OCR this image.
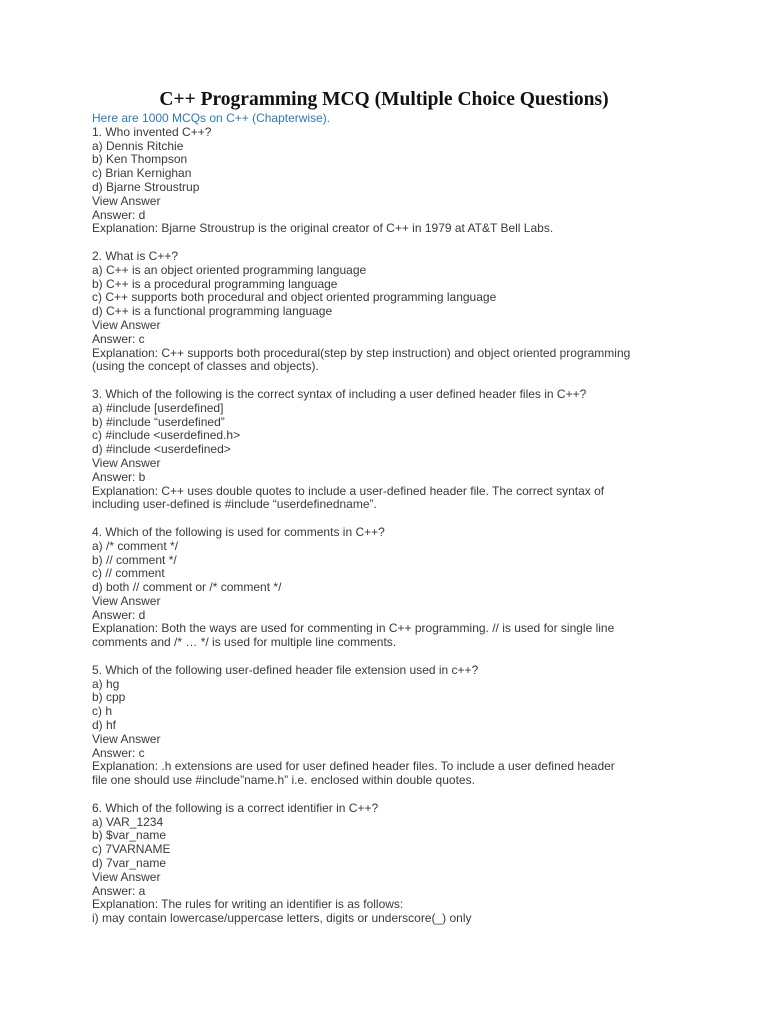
C++ Programming MCQ (Multiple Choice Questions)

Here are 1000 MCQs on C++ (Chapterwise).

1. Who invented C++?
a) Dennis Ritchie
b) Ken Thompson
c) Brian Kernighan
d) Bjarne Stroustrup
View Answer
Answer: d
Explanation: Bjarne Stroustrup is the original creator of C++ in 1979 at AT&T Bell Labs.
2. What is C++?
a) C++ is an object oriented programming language
b) C++ is a procedural programming language
c) C++ supports both procedural and object oriented programming language
d) C++ is a functional programming language
View Answer
Answer: c
Explanation: C++ supports both procedural(step by step instruction) and object oriented programming
(using the concept of classes and objects).
3. Which of the following is the correct syntax of including a user defined header files in C++?
a) #include [userdefined]
b) #include “userdefined”
c) #include <userdefined.h>
d) #include <userdefined>
View Answer
Answer: b
Explanation: C++ uses double quotes to include a user-defined header file. The correct syntax of
including user-defined is #include “userdefinedname”.
4. Which of the following is used for comments in C++?
a) /* comment */
b) // comment */
c) // comment
d) both // comment or /* comment */
View Answer
Answer: d
Explanation: Both the ways are used for commenting in C++ programming. // is used for single line
comments and /* … */ is used for multiple line comments.
5. Which of the following user-defined header file extension used in c++?
a) hg
b) cpp
c) h
d) hf
View Answer
Answer: c
Explanation: .h extensions are used for user defined header files. To include a user defined header
file one should use #include”name.h” i.e. enclosed within double quotes.
6. Which of the following is a correct identifier in C++?
a) VAR_1234
b) $var_name
c) 7VARNAME
d) 7var_name
View Answer
Answer: a
Explanation: The rules for writing an identifier is as follows:
i) may contain lowercase/uppercase letters, digits or underscore(_) only
